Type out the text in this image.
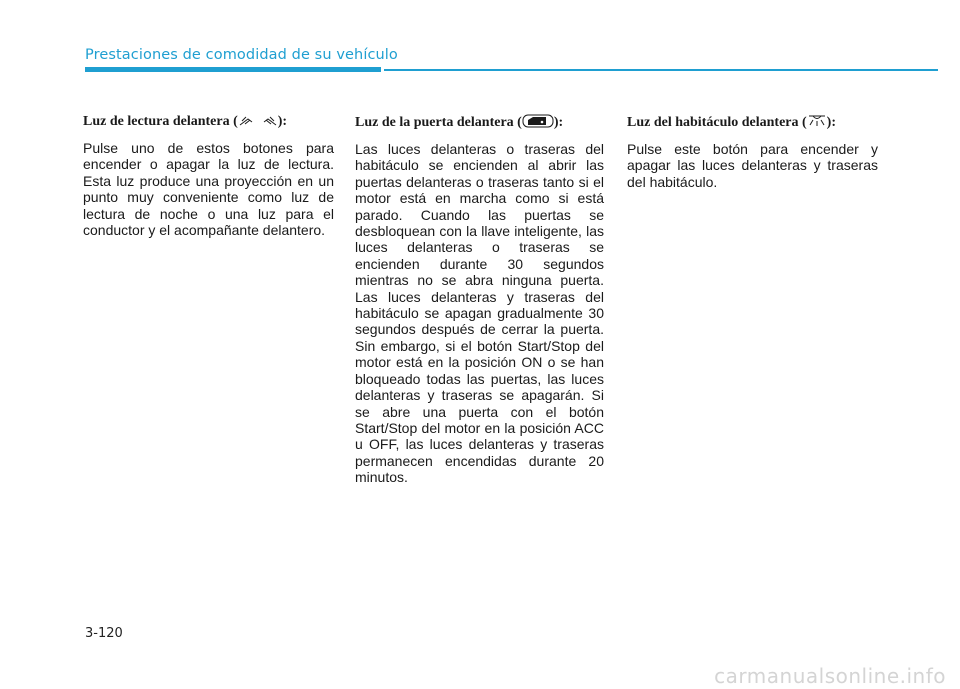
Prestaciones de comodidad de su vehículo
Luz de lectura delantera (	):

Pulse uno de estos botones para encender o apagar la luz de lectura. Esta luz produce una proyección en un punto muy conveniente como luz de lectura de noche o una luz para el conductor y el acompañante delantero.

Luz de la puerta delantera ( ):

Las luces delanteras o traseras del habitáculo se encienden al abrir las puertas delanteras o traseras tanto si el motor está en marcha como si está parado. Cuando las puertas se desbloquean con la llave inteligente, las luces delanteras o traseras se encienden durante 30 segundos mientras no se abra ninguna puerta. Las luces delanteras y traseras del habitáculo se apagan gradualmente 30 segundos después de cerrar la puerta. Sin embargo, si el botón Start/Stop del motor está en la posición ON o se han bloqueado todas las puertas, las luces delanteras y traseras se apagarán. Si se abre una puerta con el botón Start/Stop del motor en la posición ACC u OFF, las luces delanteras y traseras permanecen encendidas durante 20 minutos.

Luz del habitáculo delantera ( ):

Pulse este botón para encender y apagar las luces delanteras y traseras del habitáculo.

3-120
carmanualsonline.info
